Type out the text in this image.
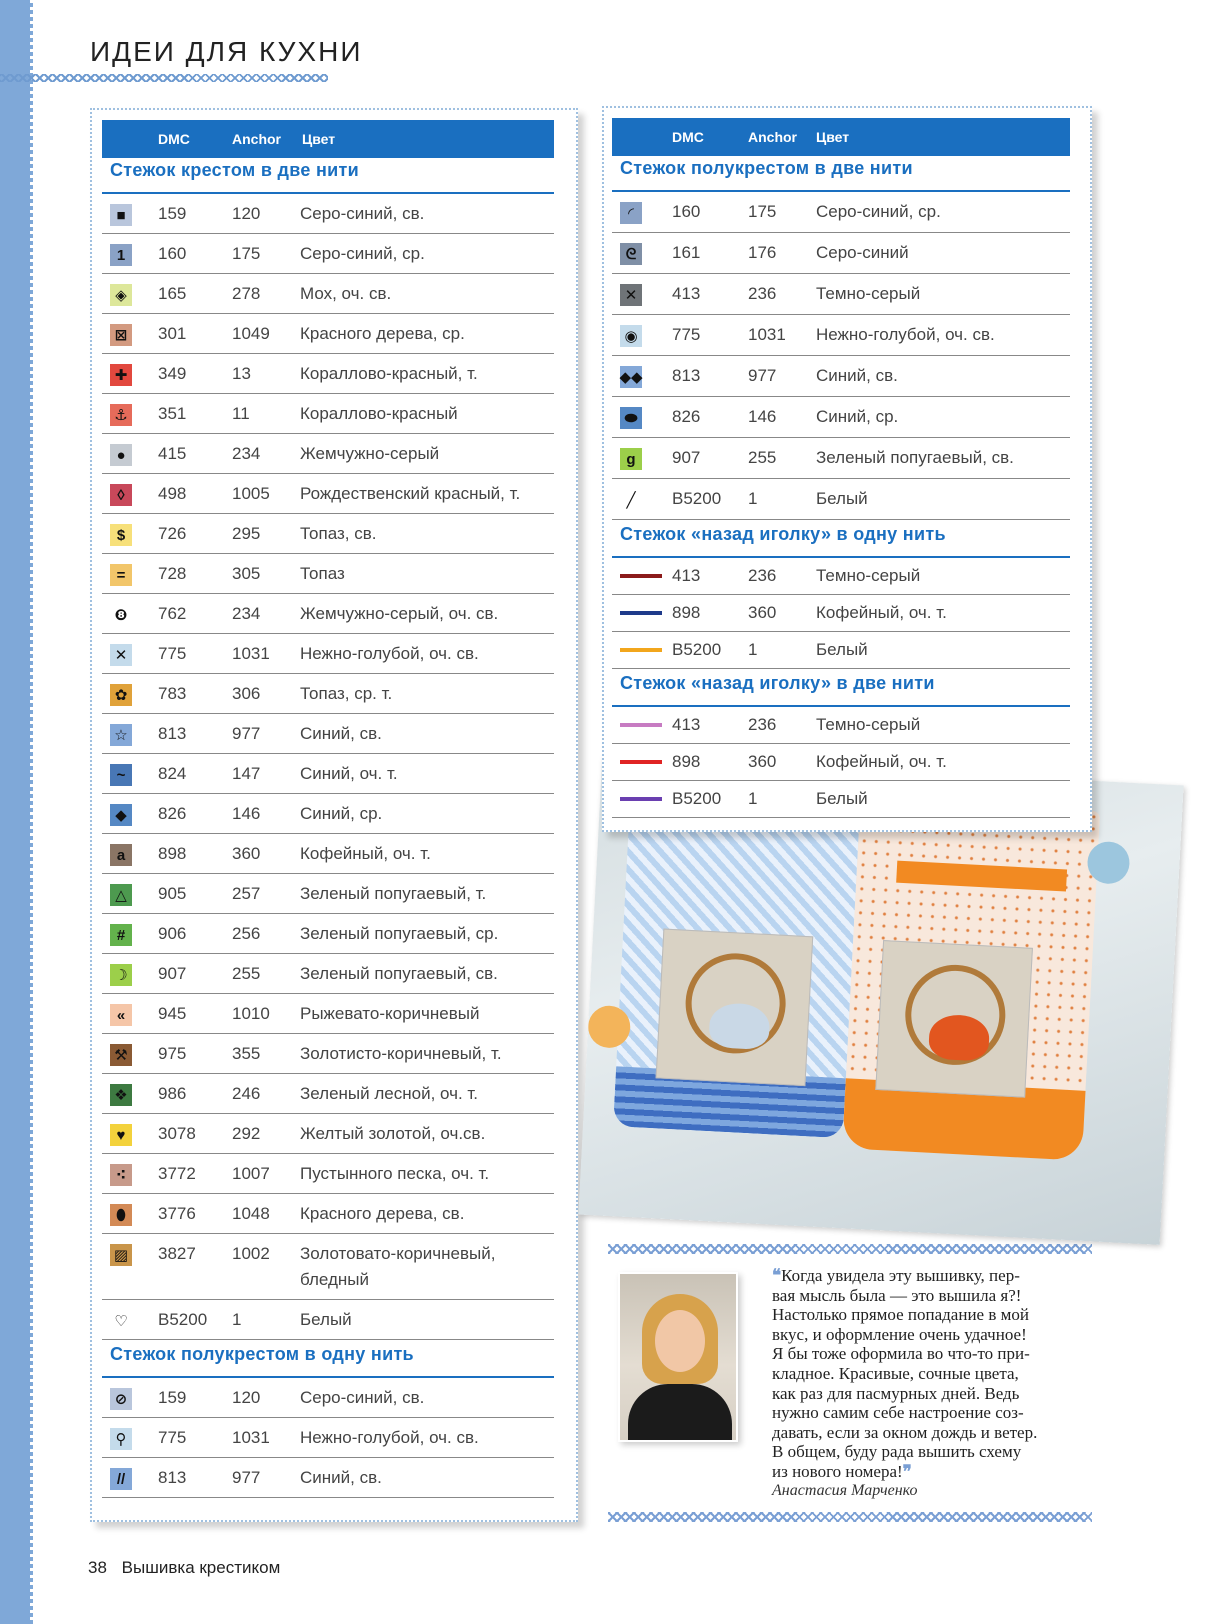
ИДЕИ ДЛЯ КУХНИ
DMC	Anchor Цвет
Стежок крестом в две нити
■	159	120 Серо-синий, св.
1	160	175 Серо-синий, ср.
◈	165	278 Мох, оч. св.
⊠ 301	1049 Красного дерева, ср.
✚ 349	13	Кораллово-красный, т.
⚓ 351	11	Кораллово-красный
●	415	234 Жемчужно-серый
◊	498	1005 Рождественский красный, т.
$	726	295 Топаз, св.
=	728	305 Топаз
❽ 762	234 Жемчужно-серый, оч. св.
✕ 775	1031 Нежно-голубой, оч. св.
✿ 783	306 Топаз, ср. т.
☆ 813	977 Синий, св.
~	824	147 Синий, оч. т.
◆	826	146 Синий, ср.
a	898	360 Кофейный, оч. т.
△	905	257 Зеленый попугаевый, т.
#	906	256 Зеленый попугаевый, ср.
☽ 907	255 Зеленый попугаевый, св.
«	945	1010 Рыжевато-коричневый
⚒ 975	355 Золотисто-коричневый, т.
❖ 986	246 Зеленый лесной, оч. т.
♥	3078 292 Желтый золотой, оч.св.
⁖	3772 1007 Пустынного песка, оч. т.
⬮	3776 1048 Красного дерева, св.
▨ 3827 1002 Золотовато-коричневый,
бледный
♡ B5200 1	Белый
Стежок полукрестом в одну нить
⊘ 159	120 Серо-синий, св.
⚲	775	1031 Нежно-голубой, оч. св.
//	813	977 Синий, св.
DMC	Anchor Цвет
Стежок полукрестом в две нити
◜	160	175 Серо-синий, ср.
ᘓ	161	176 Серо-синий
✕ 413	236 Темно-серый
◉ 775	1031 Нежно-голубой, оч. св.
◆◆ 813	977 Синий, св.
⬬ 826	146 Синий, ср.
g	907	255 Зеленый попугаевый, св.
╱	B5200 1	Белый
Стежок «назад иголку» в одну нить
413	236 Темно-серый
898	360 Кофейный, оч. т.
B5200 1	Белый
Стежок «назад иголку» в две нити
413	236 Темно-серый
898	360 Кофейный, оч. т.
B5200 1	Белый
❝Когда увидела эту вышивку, пер-
вая мысль была — это вышила я?!
Настолько прямое попадание в мой
вкус, и оформление очень удачное!
Я бы тоже оформила во что-то при-
кладное. Красивые, сочные цвета,
как раз для пасмурных дней. Ведь
нужно самим себе настроение соз-
давать, если за окном дождь и ветер.
В общем, буду рада вышить схему
из нового номера!❞
Анастасия Марченко
38 Вышивка крестиком
